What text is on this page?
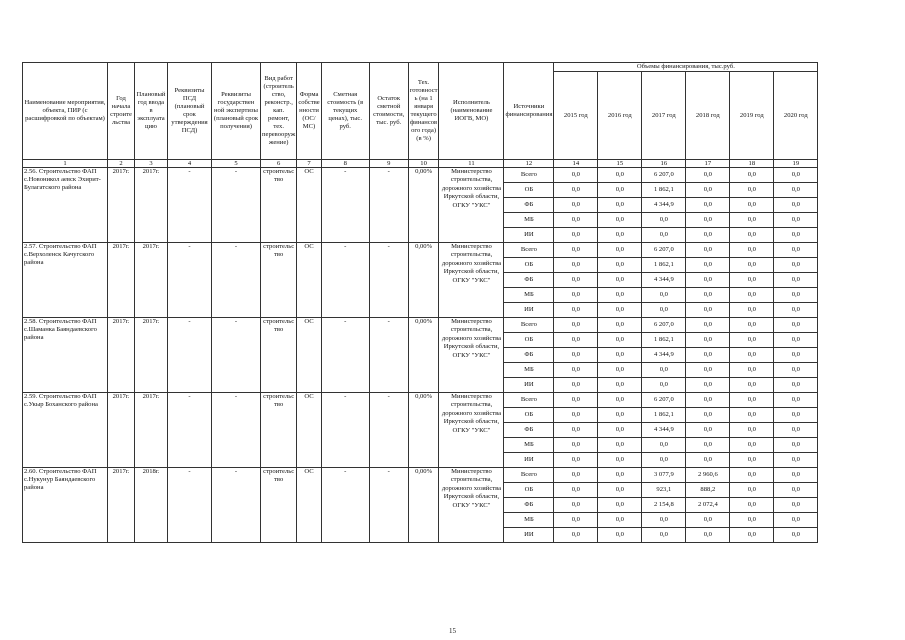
Наименование мероприятия, объекта, ПИР (с расшифровкой по объектам)	Год начала строите льства	Плановый год ввода в эксплуата цию	Реквизиты ПСД (плановый срок утверждения ПСД)	Реквизиты государствен ной экспертизы (плановый срок получения)	Вид работ (строитель ство, реконстр., кап. ремонт, тех. перевооруж жение)	Форма собстве нности (ОС/МС)	Сметная стоимость (в текущих ценах), тыс. руб.	Остаток сметной стоимости, тыс. руб.	Тех. готовност ь (на 1 января текущего финансов ого года) (в %)	Исполнитель (наименование ИОГВ, МО)	Источники финансирования	Объемы финансирования, тыс.руб.					
												2015 год	2016 год	2017 год	2018 год	2019 год	2020 год
1	2	3	4	5	6	7	8	9	10	11	12	14	15	16	17	18	19
2.56. Строительство ФАП с.Новоникол aевск Эхирит-Булагатского района	2017г.	2017г.	-	-	строительс тво	ОС	-	-	0,00%	Министерство строительства, дорожного хозяйства Иркутской области, ОГКУ "УКС"	Всего	0,0	0,0	6 207,0	0,0	0,0	0,0
											ОБ	0,0	0,0	1 862,1	0,0	0,0	0,0
											ФБ	0,0	0,0	4 344,9	0,0	0,0	0,0
											МБ	0,0	0,0	0,0	0,0	0,0	0,0
											ИИ	0,0	0,0	0,0	0,0	0,0	0,0
2.57. Строительство ФАП с.Верхоленск Качугского района	2017г.	2017г.	-	-	строительс тво	ОС	-	-	0,00%	Министерство строительства, дорожного хозяйства Иркутской области, ОГКУ "УКС"	Всего	0,0	0,0	6 207,0	0,0	0,0	0,0
											ОБ	0,0	0,0	1 862,1	0,0	0,0	0,0
											ФБ	0,0	0,0	4 344,9	0,0	0,0	0,0
											МБ	0,0	0,0	0,0	0,0	0,0	0,0
											ИИ	0,0	0,0	0,0	0,0	0,0	0,0
2.58. Строительство ФАП с.Шаманка Баяндаевского района	2017г.	2017г.	-	-	строительс тво	ОС	-	-	0,00%	Министерство строительства, дорожного хозяйства Иркутской области, ОГКУ "УКС"	Всего	0,0	0,0	6 207,0	0,0	0,0	0,0
											ОБ	0,0	0,0	1 862,1	0,0	0,0	0,0
											ФБ	0,0	0,0	4 344,9	0,0	0,0	0,0
											МБ	0,0	0,0	0,0	0,0	0,0	0,0
											ИИ	0,0	0,0	0,0	0,0	0,0	0,0
2.59. Строительство ФАП с.Укыр Боханского района	2017г.	2017г.	-	-	строительс тво	ОС	-	-	0,00%	Министерство строительства, дорожного хозяйства Иркутской области, ОГКУ "УКС"	Всего	0,0	0,0	6 207,0	0,0	0,0	0,0
											ОБ	0,0	0,0	1 862,1	0,0	0,0	0,0
											ФБ	0,0	0,0	4 344,9	0,0	0,0	0,0
											МБ	0,0	0,0	0,0	0,0	0,0	0,0
											ИИ	0,0	0,0	0,0	0,0	0,0	0,0
2.60. Строительство ФАП с.Нукунур Баяндаевского района	2017г.	2018г.	-	-	строительс тво	ОС	-	-	0,00%	Министерство строительства, дорожного хозяйства Иркутской области, ОГКУ "УКС"	Всего	0,0	0,0	3 077,9	2 960,6	0,0	0,0
											ОБ	0,0	0,0	923,1	888,2	0,0	0,0
											ФБ	0,0	0,0	2 154,8	2 072,4	0,0	0,0
											МБ	0,0	0,0	0,0	0,0	0,0	0,0
											ИИ	0,0	0,0	0,0	0,0	0,0	0,0
15
